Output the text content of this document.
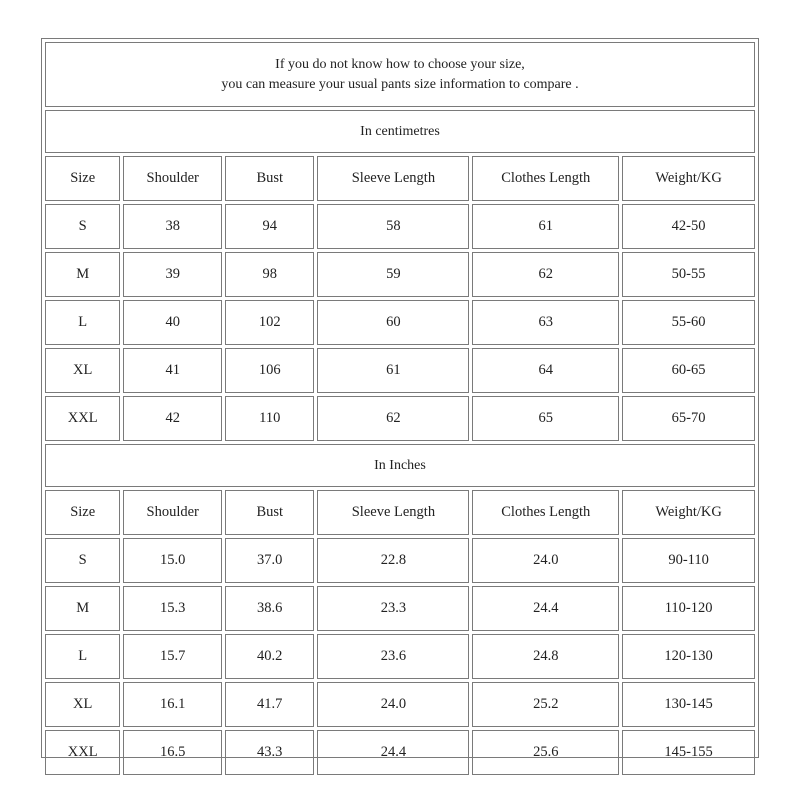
If you do not know how to choose your size,
you can measure your usual pants size information to compare .					

In centimetres					
Size	Shoulder	Bust	Sleeve Length	Clothes Length	Weight/KG
S	38	94	58	61	42-50
M	39	98	59	62	50-55
L	40	102	60	63	55-60
XL	41	106	61	64	60-65
XXL	42	110	62	65	65-70
In Inches					
Size	Shoulder	Bust	Sleeve Length	Clothes Length	Weight/KG
S	15.0	37.0	22.8	24.0	90-110
M	15.3	38.6	23.3	24.4	110-120
L	15.7	40.2	23.6	24.8	120-130
XL	16.1	41.7	24.0	25.2	130-145
XXL	16.5	43.3	24.4	25.6	145-155
